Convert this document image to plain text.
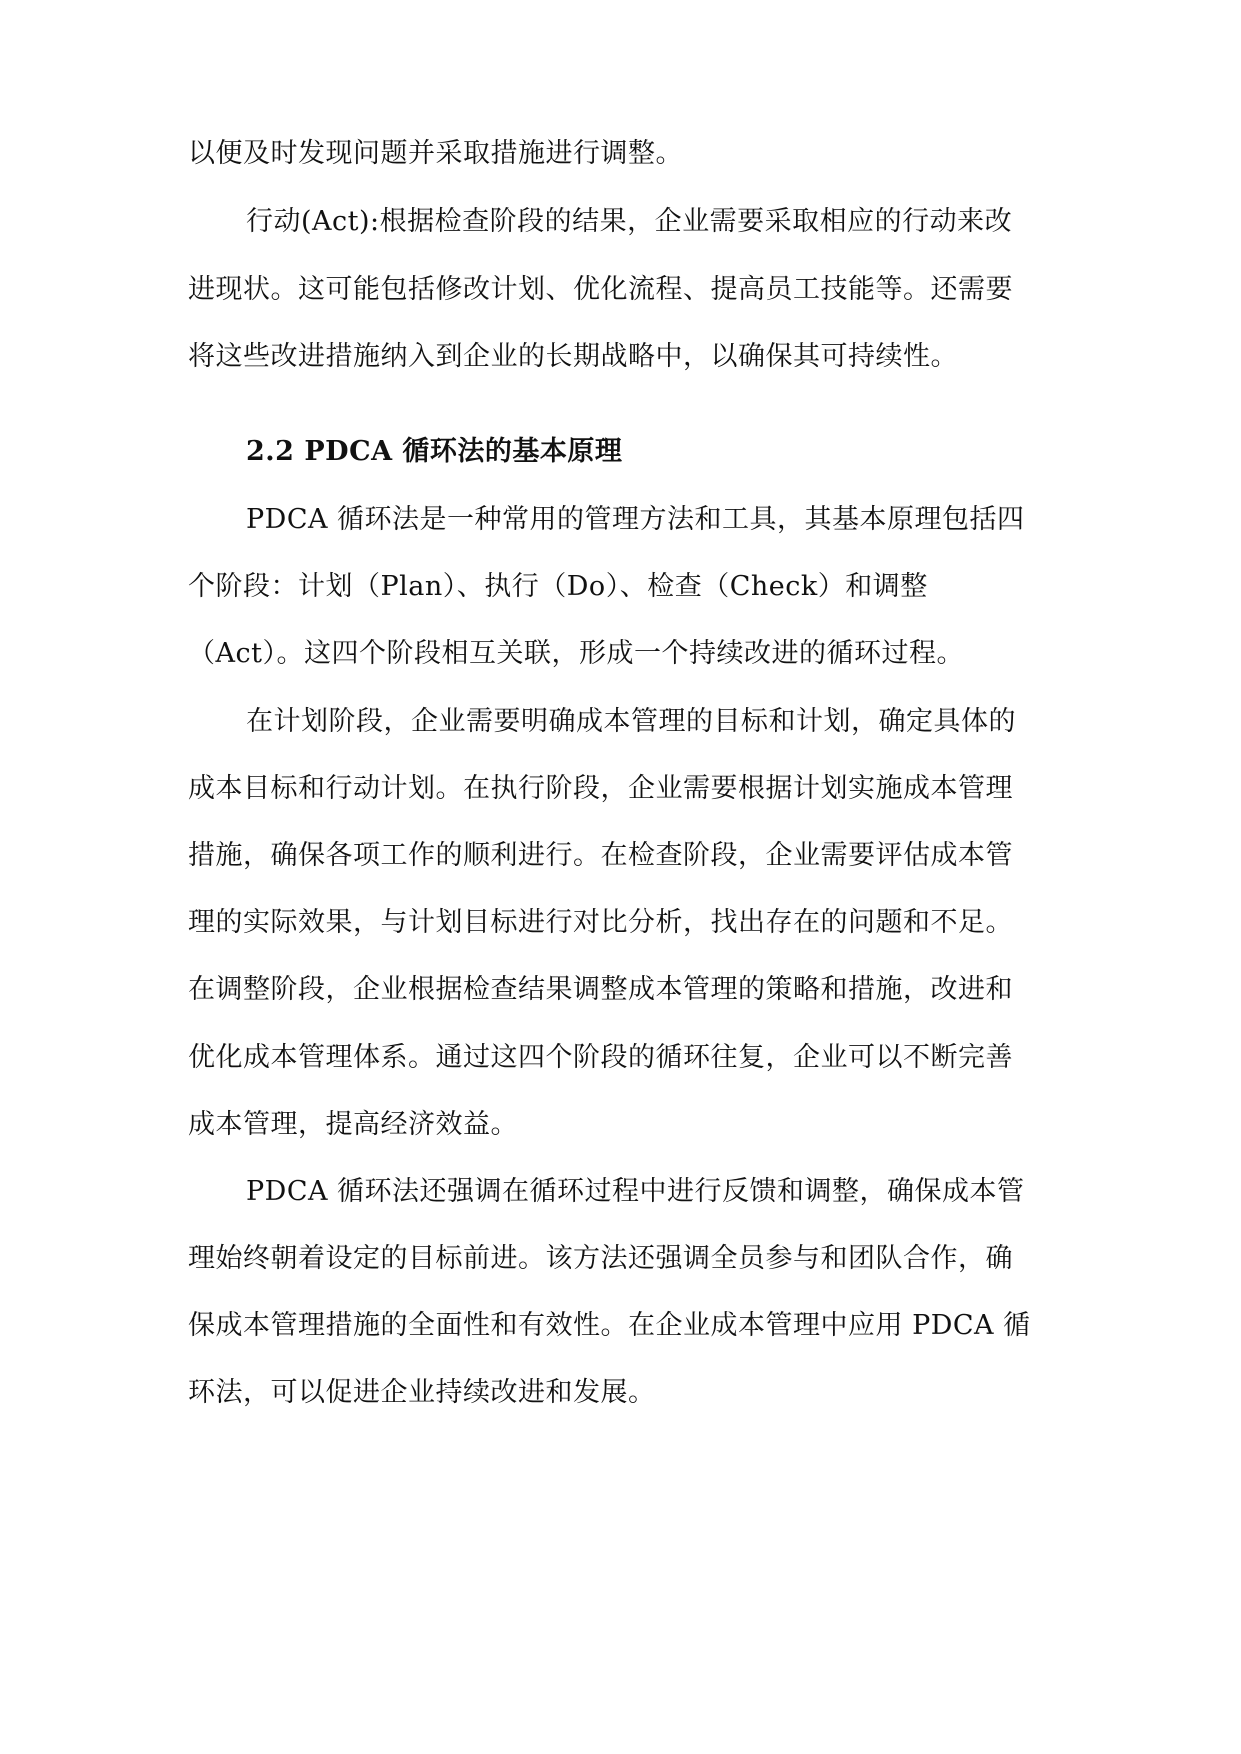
以便及时发现问题并采取措施进行调整。
行动(Act):根据检查阶段的结果，企业需要采取相应的行动来改
进现状。这可能包括修改计划、优化流程、提高员工技能等。还需要
将这些改进措施纳入到企业的长期战略中，以确保其可持续性。
2.2 PDCA 循环法的基本原理
PDCA 循环法是一种常用的管理方法和工具，其基本原理包括四
个阶段：计划（Plan）、执行（Do）、检查（Check）和调整
（Act）。这四个阶段相互关联，形成一个持续改进的循环过程。
在计划阶段，企业需要明确成本管理的目标和计划，确定具体的
成本目标和行动计划。在执行阶段，企业需要根据计划实施成本管理
措施，确保各项工作的顺利进行。在检查阶段，企业需要评估成本管
理的实际效果，与计划目标进行对比分析，找出存在的问题和不足。
在调整阶段，企业根据检查结果调整成本管理的策略和措施，改进和
优化成本管理体系。通过这四个阶段的循环往复，企业可以不断完善
成本管理，提高经济效益。
PDCA 循环法还强调在循环过程中进行反馈和调整，确保成本管
理始终朝着设定的目标前进。该方法还强调全员参与和团队合作，确
保成本管理措施的全面性和有效性。在企业成本管理中应用 PDCA 循
环法，可以促进企业持续改进和发展。
